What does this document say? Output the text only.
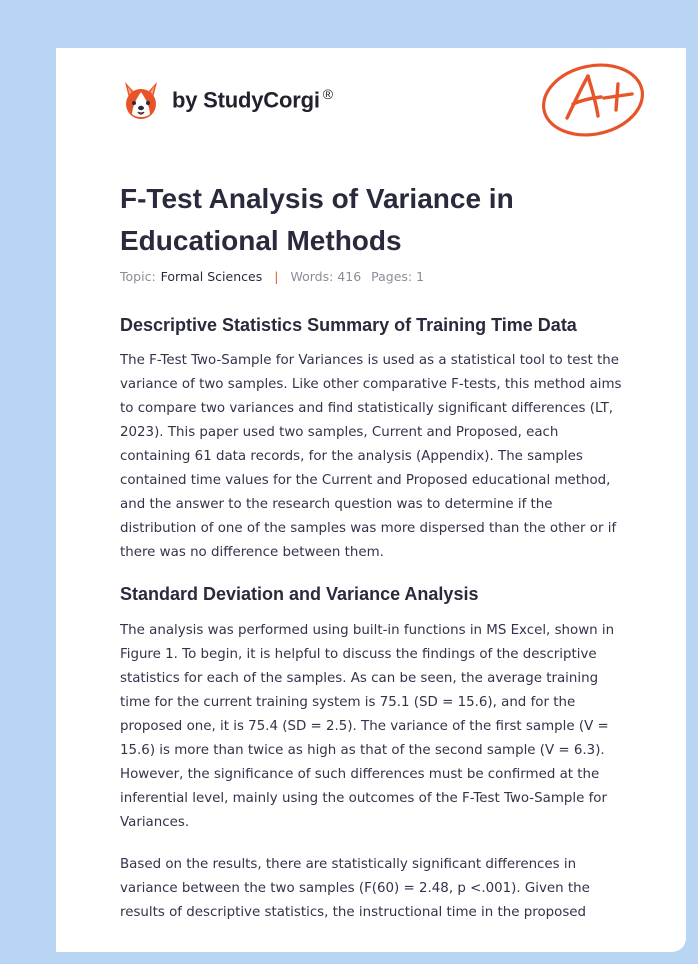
by StudyCorgi ®
A+
F-Test Analysis of Variance in Educational Methods
Topic: Formal Sciences | Words: 416 Pages: 1
Descriptive Statistics Summary of Training Time Data

The F-Test Two-Sample for Variances is used as a statistical tool to test the variance of two samples. Like other comparative F-tests, this method aims to compare two variances and find statistically significant differences (LT, 2023). This paper used two samples, Current and Proposed, each containing 61 data records, for the analysis (Appendix). The samples contained time values for the Current and Proposed educational method, and the answer to the research question was to determine if the distribution of one of the samples was more dispersed than the other or if there was no difference between them.

Standard Deviation and Variance Analysis

The analysis was performed using built-in functions in MS Excel, shown in Figure 1. To begin, it is helpful to discuss the findings of the descriptive statistics for each of the samples. As can be seen, the average training time for the current training system is 75.1 (SD = 15.6), and for the proposed one, it is 75.4 (SD = 2.5). The variance of the first sample (V = 15.6) is more than twice as high as that of the second sample (V = 6.3). However, the significance of such differences must be confirmed at the inferential level, mainly using the outcomes of the F-Test Two-Sample for Variances.

Based on the results, there are statistically significant differences in variance between the two samples (F(60) = 2.48, p <.001). Given the results of descriptive statistics, the instructional time in the proposed
